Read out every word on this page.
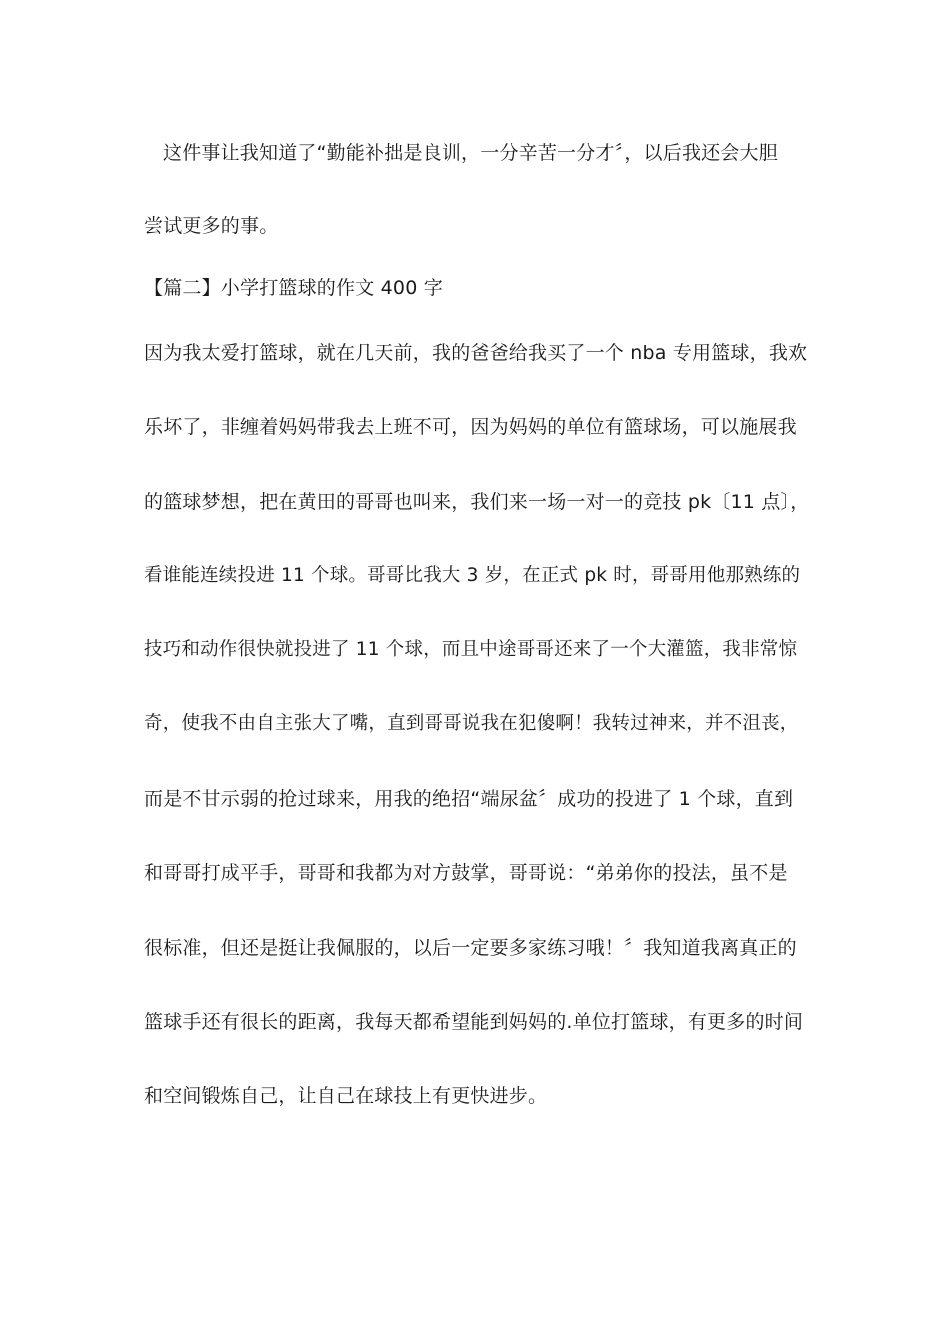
这件事让我知道了“勤能补拙是良训，一分辛苦一分才〞，以后我还会大胆
尝试更多的事。
【篇二】小学打篮球的作文 400 字
因为我太爱打篮球，就在几天前，我的爸爸给我买了一个 nba 专用篮球，我欢
乐坏了，非缠着妈妈带我去上班不可，因为妈妈的单位有篮球场，可以施展我
的篮球梦想，把在黄田的哥哥也叫来，我们来一场一对一的竞技 pk〔11 点〕，
看谁能连续投进 11 个球。哥哥比我大 3 岁，在正式 pk 时，哥哥用他那熟练的
技巧和动作很快就投进了 11 个球，而且中途哥哥还来了一个大灌篮，我非常惊
奇，使我不由自主张大了嘴，直到哥哥说我在犯傻啊！我转过神来，并不沮丧，
而是不甘示弱的抢过球来，用我的绝招“端尿盆〞成功的投进了 1 个球，直到
和哥哥打成平手，哥哥和我都为对方鼓掌，哥哥说：“弟弟你的投法，虽不是
很标准，但还是挺让我佩服的，以后一定要多家练习哦！〞我知道我离真正的
篮球手还有很长的距离，我每天都希望能到妈妈的.单位打篮球，有更多的时间
和空间锻炼自己，让自己在球技上有更快进步。
